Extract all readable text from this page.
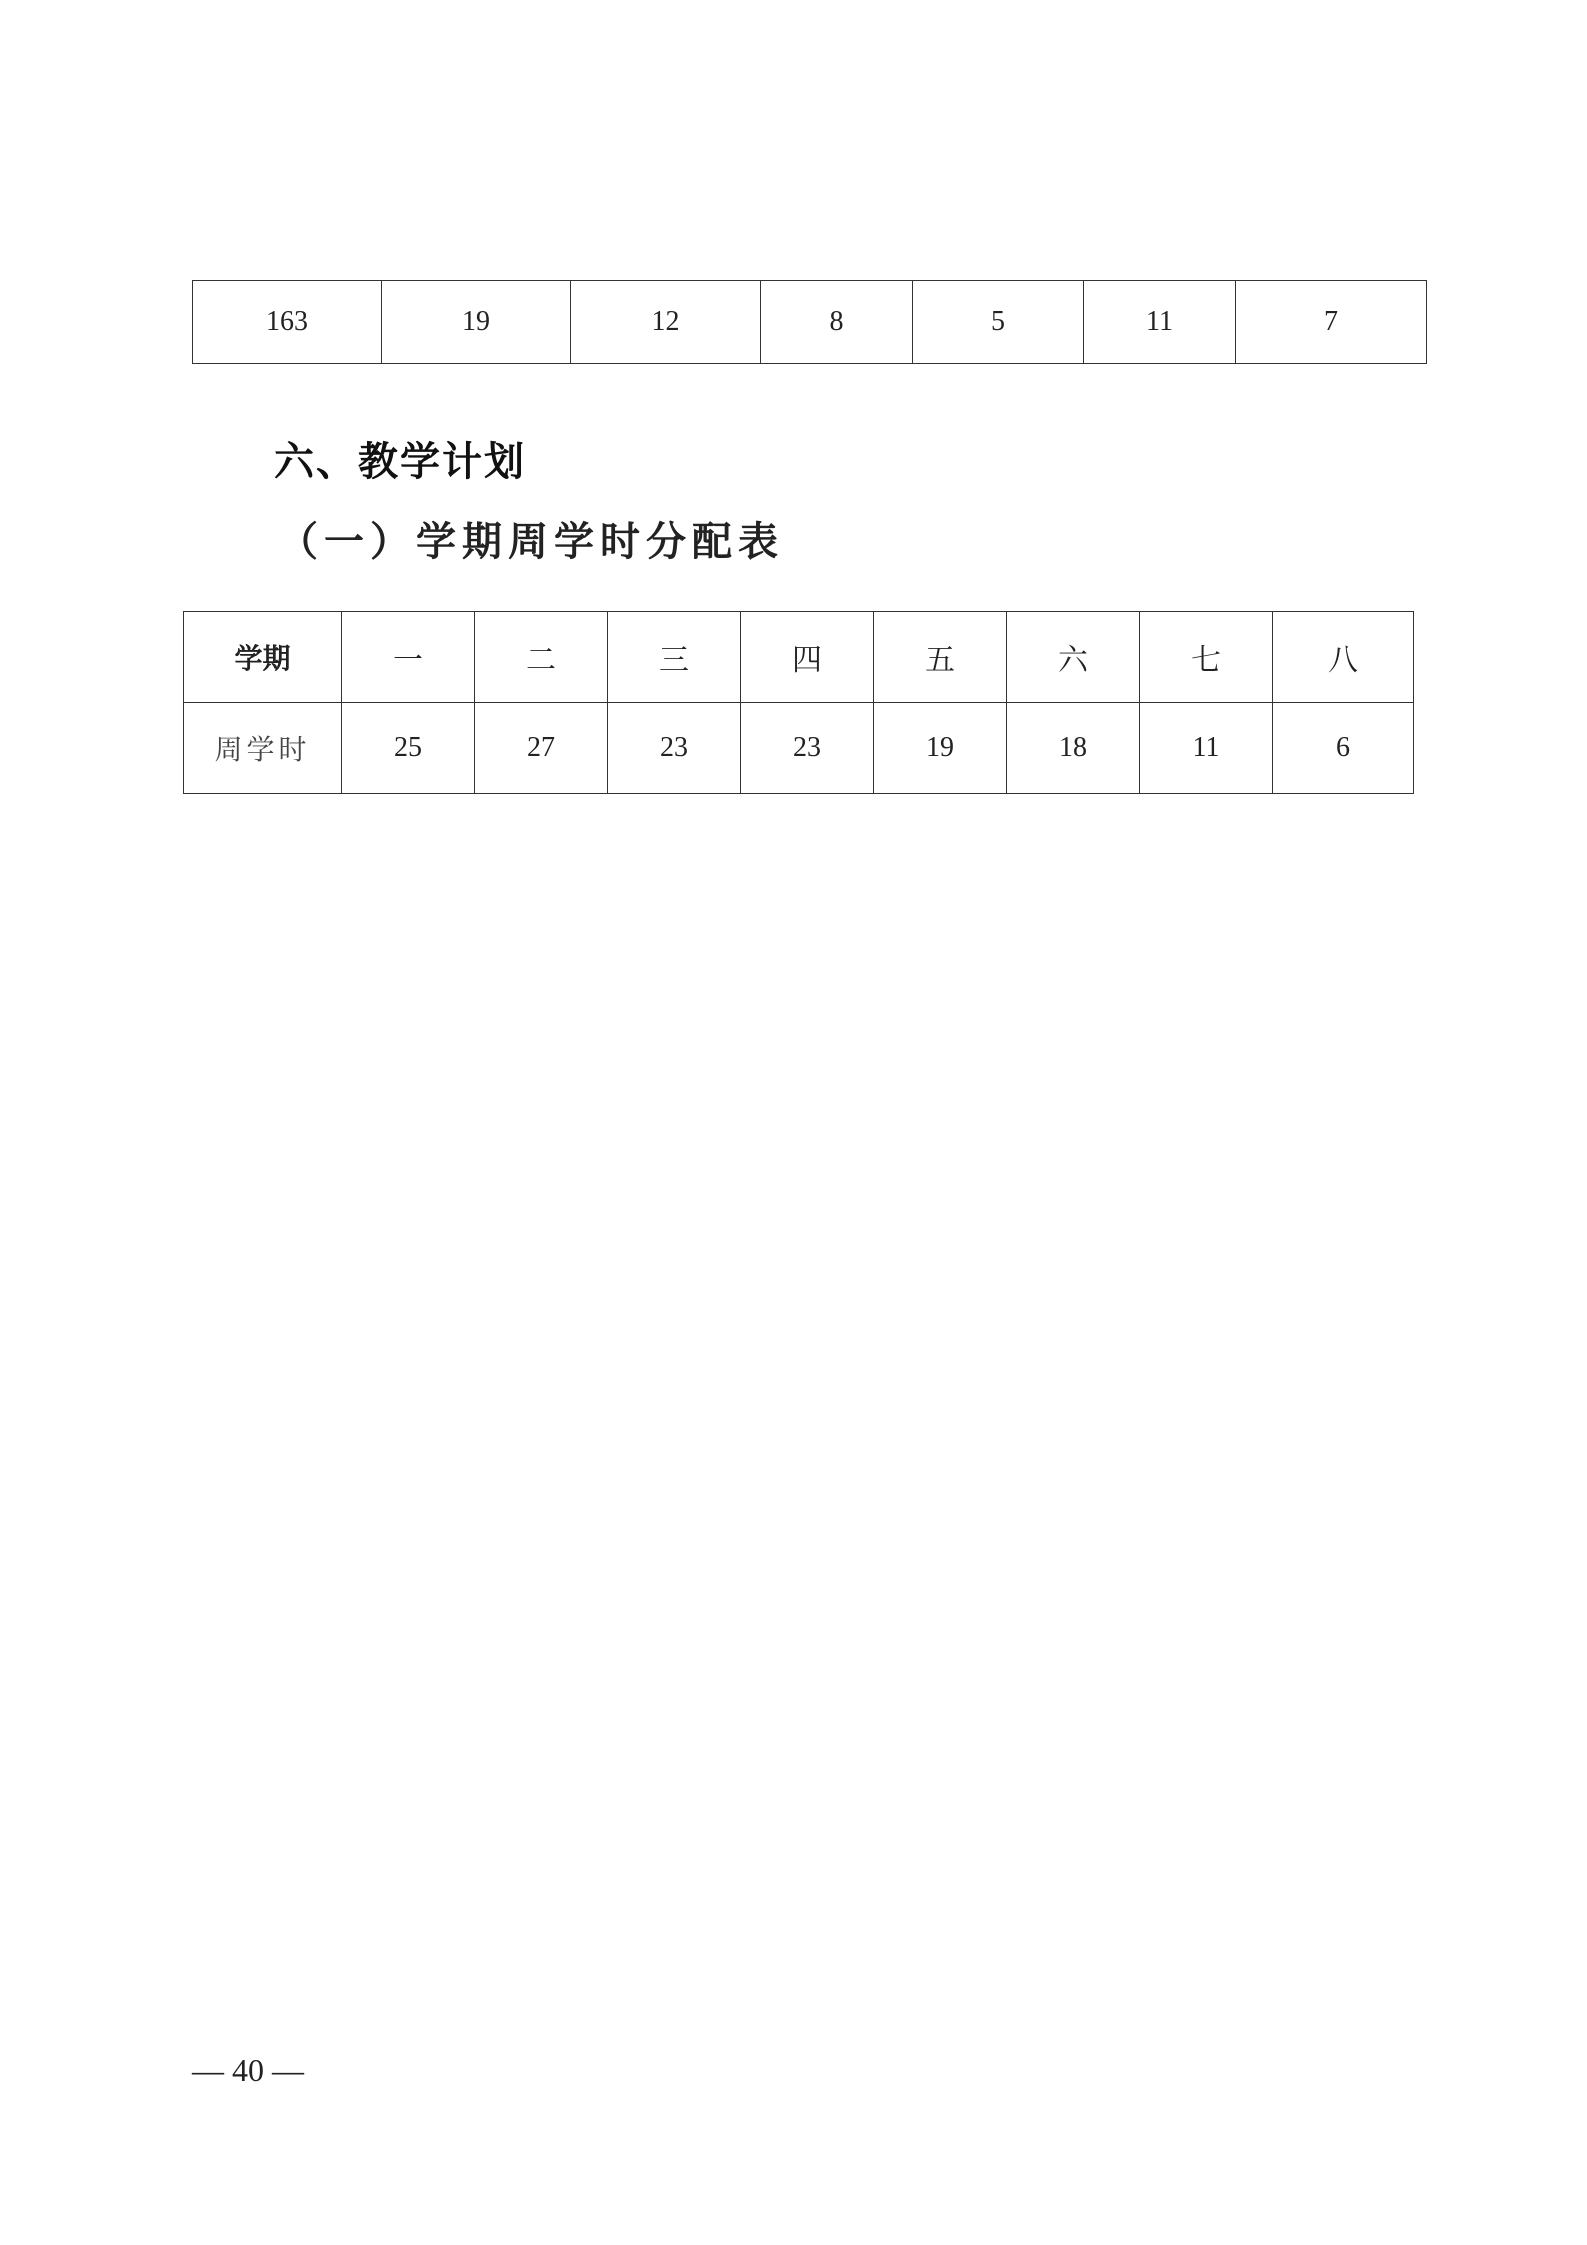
163	19	12	8	5	11	7
六、教学计划
（一）学期周学时分配表
学期	一	二	三	四	五	六	七	八
周学时	25	27	23	23	19	18	11	6

— 40 —
